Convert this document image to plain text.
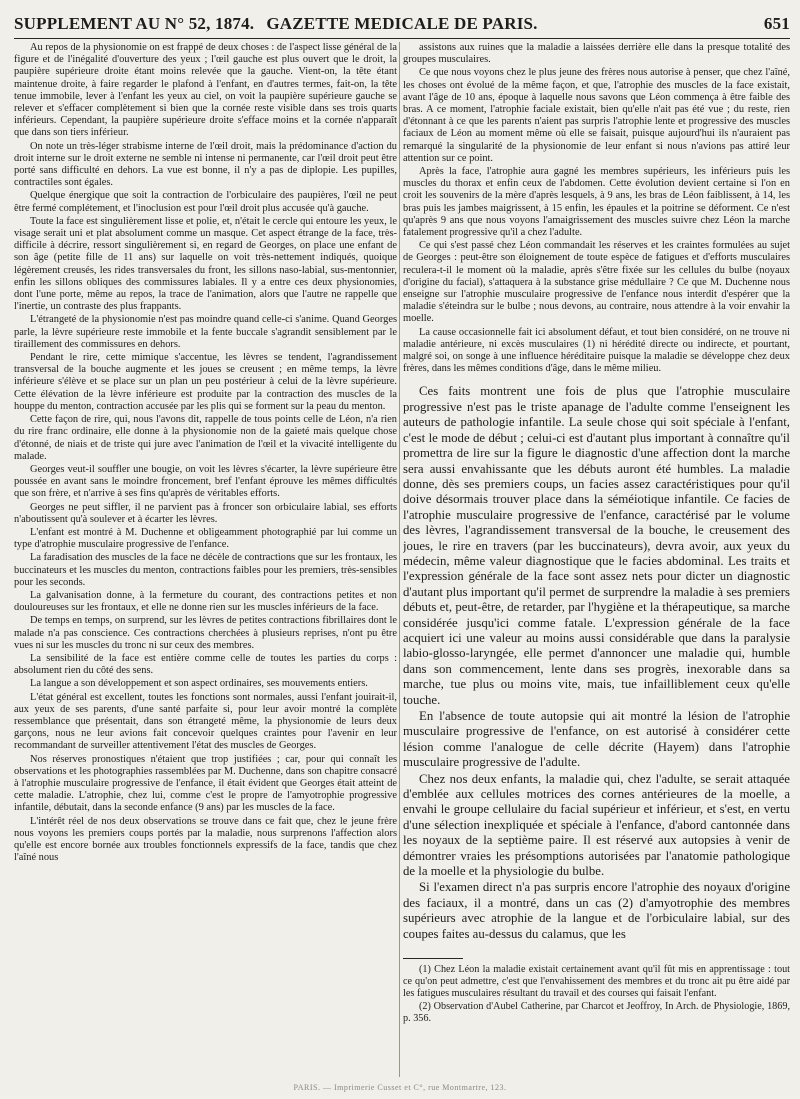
SUPPLEMENT AU N° 52, 1874. GAZETTE MEDICALE DE PARIS.	651

Au repos de la physionomie on est frappé de deux choses : de l'aspect lisse général de la figure et de l'inégalité d'ouverture des yeux ; l'œil gauche est plus ouvert que le droit, la paupière supérieure droite étant moins relevée que la gauche. Vient-on, la tête étant maintenue droite, à faire regarder le plafond à l'enfant, en d'autres termes, fait-on, la tête tenue immobile, lever à l'enfant les yeux au ciel, on voit la paupière supérieure gauche se relever et s'effacer complètement si bien que la cornée reste visible dans ses trois quarts inférieurs. Cependant, la paupière supérieure droite s'efface moins et la cornée n'apparaît que dans son tiers inférieur.

On note un très-léger strabisme interne de l'œil droit, mais la prédominance d'action du droit interne sur le droit externe ne semble ni intense ni permanente, car l'œil droit peut être porté sans difficulté en dehors. La vue est bonne, il n'y a pas de diplopie. Les pupilles, contractiles sont égales.

Quelque énergique que soit la contraction de l'orbiculaire des paupières, l'œil ne peut être fermé complétement, et l'inoclusion est pour l'œil droit plus accusée qu'à gauche.

Toute la face est singulièrement lisse et polie, et, n'était le cercle qui entoure les yeux, le visage serait uni et plat absolument comme un masque. Cet aspect étrange de la face, très-difficile à décrire, ressort singulièrement si, en regard de Georges, on place une enfant de son âge (petite fille de 11 ans) sur laquelle on voit très-nettement indiqués, quoique légèrement creusés, les rides transversales du front, les sillons naso-labial, sus-mentonnier, enfin les sillons obliques des commissures labiales. Il y a entre ces deux physionomies, dont l'une porte, même au repos, la trace de l'animation, alors que l'autre ne rappelle que l'inertie, un contraste des plus frappants.

L'étrangeté de la physionomie n'est pas moindre quand celle-ci s'anime. Quand Georges parle, la lèvre supérieure reste immobile et la fente buccale s'agrandit sensiblement par le tiraillement des commissures en dehors.

Pendant le rire, cette mimique s'accentue, les lèvres se tendent, l'agrandissement transversal de la bouche augmente et les joues se creusent ; en même temps, la lèvre inférieure s'élève et se place sur un plan un peu postérieur à celui de la lèvre supérieure. Cette élévation de la lèvre inférieure est produite par la contraction des muscles de la houppe du menton, contraction accusée par les plis qui se forment sur la peau du menton.

Cette façon de rire, qui, nous l'avons dit, rappelle de tous points celle de Léon, n'a rien du rire franc ordinaire, elle donne à la physionomie non de la gaieté mais quelque chose d'étonné, de niais et de triste qui jure avec l'animation de l'œil et la vivacité intelligente du malade.

Georges veut-il souffler une bougie, on voit les lèvres s'écarter, la lèvre supérieure être poussée en avant sans le moindre froncement, bref l'enfant éprouve les mêmes difficultés que son frère, et n'arrive à ses fins qu'après de véritables efforts.

Georges ne peut siffler, il ne parvient pas à froncer son orbiculaire labial, ses efforts n'aboutissent qu'à soulever et à écarter les lèvres.

L'enfant est montré à M. Duchenne et obligeamment photographié par lui comme un type d'atrophie musculaire progressive de l'enfance.

La faradisation des muscles de la face ne décèle de contractions que sur les frontaux, les buccinateurs et les muscles du menton, contractions faibles pour les premiers, très-sensibles pour les seconds.

La galvanisation donne, à la fermeture du courant, des contractions petites et non douloureuses sur les frontaux, et elle ne donne rien sur les muscles inférieurs de la face.

De temps en temps, on surprend, sur les lèvres de petites contractions fibrillaires dont le malade n'a pas conscience. Ces contractions cherchées à plusieurs reprises, n'ont pu être vues ni sur les muscles du tronc ni sur ceux des membres.

La sensibilité de la face est entière comme celle de toutes les parties du corps : absolument rien du côté des sens.

La langue a son développement et son aspect ordinaires, ses mouvements entiers.

L'état général est excellent, toutes les fonctions sont normales, aussi l'enfant jouirait-il, aux yeux de ses parents, d'une santé parfaite si, pour leur avoir montré la complète ressemblance que présentait, dans son étrangeté même, la physionomie de leurs deux garçons, nous ne leur avions fait concevoir quelques craintes pour l'avenir en leur recommandant de surveiller attentivement l'état des muscles de Georges.

Nos réserves pronostiques n'étaient que trop justifiées ; car, pour qui connaît les observations et les photographies rassemblées par M. Duchenne, dans son chapitre consacré à l'atrophie musculaire progressive de l'enfance, il était évident que Georges était atteint de cette maladie. L'atrophie, chez lui, comme c'est le propre de l'amyotrophie progressive infantile, débutait, dans la seconde enfance (9 ans) par les muscles de la face.

L'intérêt réel de nos deux observations se trouve dans ce fait que, chez le jeune frère nous voyons les premiers coups portés par la maladie, nous surprenons l'affection alors qu'elle est encore bornée aux troubles fonctionnels expressifs de la face, tandis que chez l'aîné nous

assistons aux ruines que la maladie a laissées derrière elle dans la presque totalité des groupes musculaires.

Ce que nous voyons chez le plus jeune des frères nous autorise à penser, que chez l'aîné, les choses ont évolué de la même façon, et que, l'atrophie des muscles de la face existait, avant l'âge de 10 ans, époque à laquelle nous savons que Léon commença à être faible des bras. A ce moment, l'atrophie faciale existait, bien qu'elle n'ait pas été vue ; du reste, rien d'étonnant à ce que les parents n'aient pas surpris l'atrophie lente et progressive des muscles faciaux de Léon au moment même où elle se faisait, puisque aujourd'hui ils n'auraient pas remarqué la singularité de la physionomie de leur enfant si nous n'avions pas attiré leur attention sur ce point.

Après la face, l'atrophie aura gagné les membres supérieurs, les inférieurs puis les muscles du thorax et enfin ceux de l'abdomen. Cette évolution devient certaine si l'on en croit les souvenirs de la mère d'après lesquels, à 9 ans, les bras de Léon faiblissent, à 14, les bras puis les jambes maigrissent, à 15 enfin, les épaules et la poitrine se déforment. Ce n'est qu'après 9 ans que nous voyons l'amaigrissement des muscles suivre chez Léon la marche fatalement progressive qu'il a chez l'adulte.

Ce qui s'est passé chez Léon commandait les réserves et les craintes formulées au sujet de Georges : peut-être son éloignement de toute espèce de fatigues et d'efforts musculaires reculera-t-il le moment où la maladie, après s'être fixée sur les cellules du bulbe (noyaux d'origine du facial), s'attaquera à la substance grise médullaire ? Ce que M. Duchenne nous enseigne sur l'atrophie musculaire progressive de l'enfance nous interdit d'espérer que la maladie s'éteindra sur le bulbe ; nous devons, au contraire, nous attendre à la voir envahir la moelle.

La cause occasionnelle fait ici absolument défaut, et tout bien considéré, on ne trouve ni maladie antérieure, ni excès musculaires (1) ni hérédité directe ou indirecte, et pourtant, malgré soi, on songe à une influence héréditaire puisque la maladie se développe chez deux frères, dans les mêmes conditions d'âge, dans le même milieu.

Ces faits montrent une fois de plus que l'atrophie musculaire progressive n'est pas le triste apanage de l'adulte comme l'enseignent les auteurs de pathologie infantile. La seule chose qui soit spéciale à l'enfant, c'est le mode de début ; celui-ci est d'autant plus important à connaître qu'il promettra de lire sur la figure le diagnostic d'une affection dont la marche sera aussi envahissante que les débuts auront été humbles. La maladie donne, dès ses premiers coups, un facies assez caractéristiques pour qu'il doive désormais trouver place dans la séméiotique infantile. Ce facies de l'atrophie musculaire progressive de l'enfance, caractérisé par le volume des lèvres, l'agrandissement transversal de la bouche, le creusement des joues, le rire en travers (par les buccinateurs), devra avoir, aux yeux du médecin, même valeur diagnostique que le facies abdominal. Les traits et l'expression générale de la face sont assez nets pour dicter un diagnostic d'autant plus important qu'il permet de surprendre la maladie à ses premiers débuts et, peut-être, de retarder, par l'hygiène et la thérapeutique, sa marche considérée jusqu'ici comme fatale. L'expression générale de la face acquiert ici une valeur au moins aussi considérable que dans la paralysie labio-glosso-laryngée, elle permet d'annoncer une maladie qui, humble dans son commencement, lente dans ses progrès, inexorable dans sa marche, tue plus ou moins vite, mais, tue infailliblement ceux qu'elle touche.

En l'absence de toute autopsie qui ait montré la lésion de l'atrophie musculaire progressive de l'enfance, on est autorisé à considérer cette lésion comme l'analogue de celle décrite (Hayem) dans l'atrophie musculaire progressive de l'adulte.

Chez nos deux enfants, la maladie qui, chez l'adulte, se serait attaquée d'emblée aux cellules motrices des cornes antérieures de la moelle, a envahi le groupe cellulaire du facial supérieur et inférieur, et s'est, en vertu d'une sélection inexpliquée et spéciale à l'enfance, d'abord cantonnée dans les noyaux de la septième paire. Il est réservé aux autopsies à venir de démontrer vraies les présomptions autorisées par l'anatomie pathologique de la moelle et la physiologie du bulbe.

Si l'examen direct n'a pas surpris encore l'atrophie des noyaux d'origine des faciaux, il a montré, dans un cas (2) d'amyotrophie des membres supérieurs avec atrophie de la langue et de l'orbiculaire labial, sur des coupes faites au-dessus du calamus, que les

(1) Chez Léon la maladie existait certainement avant qu'il fût mis en apprentissage : tout ce qu'on peut admettre, c'est que l'envahissement des membres et du tronc ait pu être aidé par les fatigues musculaires résultant du travail et des courses qui faisait l'enfant.

(2) Observation d'Aubel Catherine, par Charcot et Jeoffroy, In Arch. de Physiologie, 1869, p. 356.

PARIS. — Imprimerie Cusset et C°, rue Montmartre, 123.
